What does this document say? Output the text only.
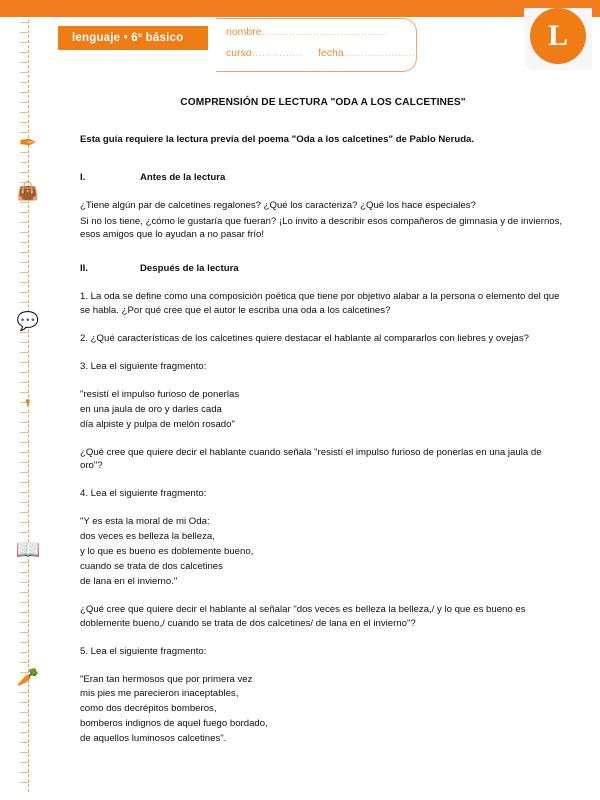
✒
👜
💬
❜
📖
🥕
L
lenguaje • 6º básico	nombre.....................................
curso............... fecha......................
COMPRENSIÓN DE LECTURA "ODA A LOS CALCETINES"

Esta guía requiere la lectura previa del poema "Oda a los calcetines" de Pablo Neruda.

I.	Antes de la lectura

¿Tiene algún par de calcetines regalones? ¿Qué los caracteriza? ¿Qué los hace especiales?

Si no los tiene, ¿cómo le gustaría que fueran? ¡Lo invito a describir esos compañeros de gimnasia y de inviernos, esos amigos que lo ayudan a no pasar frío!

II.	Después de la lectura

1. La oda se define como una composición poética que tiene por objetivo alabar a la persona o elemento del que se habla. ¿Por qué cree que el autor le escriba una oda a los calcetines?

2. ¿Qué características de los calcetines quiere destacar el hablante al compararlos con liebres y ovejas?

3. Lea el siguiente fragmento:

"resistí el impulso furioso de ponerlas
en una jaula de oro y darles cada
día alpiste y pulpa de melón rosado"

¿Qué cree que quiere decir el hablante cuando señala "resistí el impulso furioso de ponerlas en una jaula de oro"?

4. Lea el siguiente fragmento:

"Y es esta la moral de mi Oda:
dos veces es belleza la belleza,
y lo que es bueno es doblemente bueno,
cuando se trata de dos calcetines
de lana en el invierno."

¿Qué cree que quiere decir el hablante al señalar "dos veces es belleza la belleza,/ y lo que es bueno es doblemente bueno,/ cuando se trata de dos calcetines/ de lana en el invierno"?

5. Lea el siguiente fragmento:

"Eran tan hermosos que por primera vez
mis pies me parecieron inaceptables,
como dos decrépitos bomberos,
bomberos indignos de aquel fuego bordado,
de aquellos luminosos calcetines".
